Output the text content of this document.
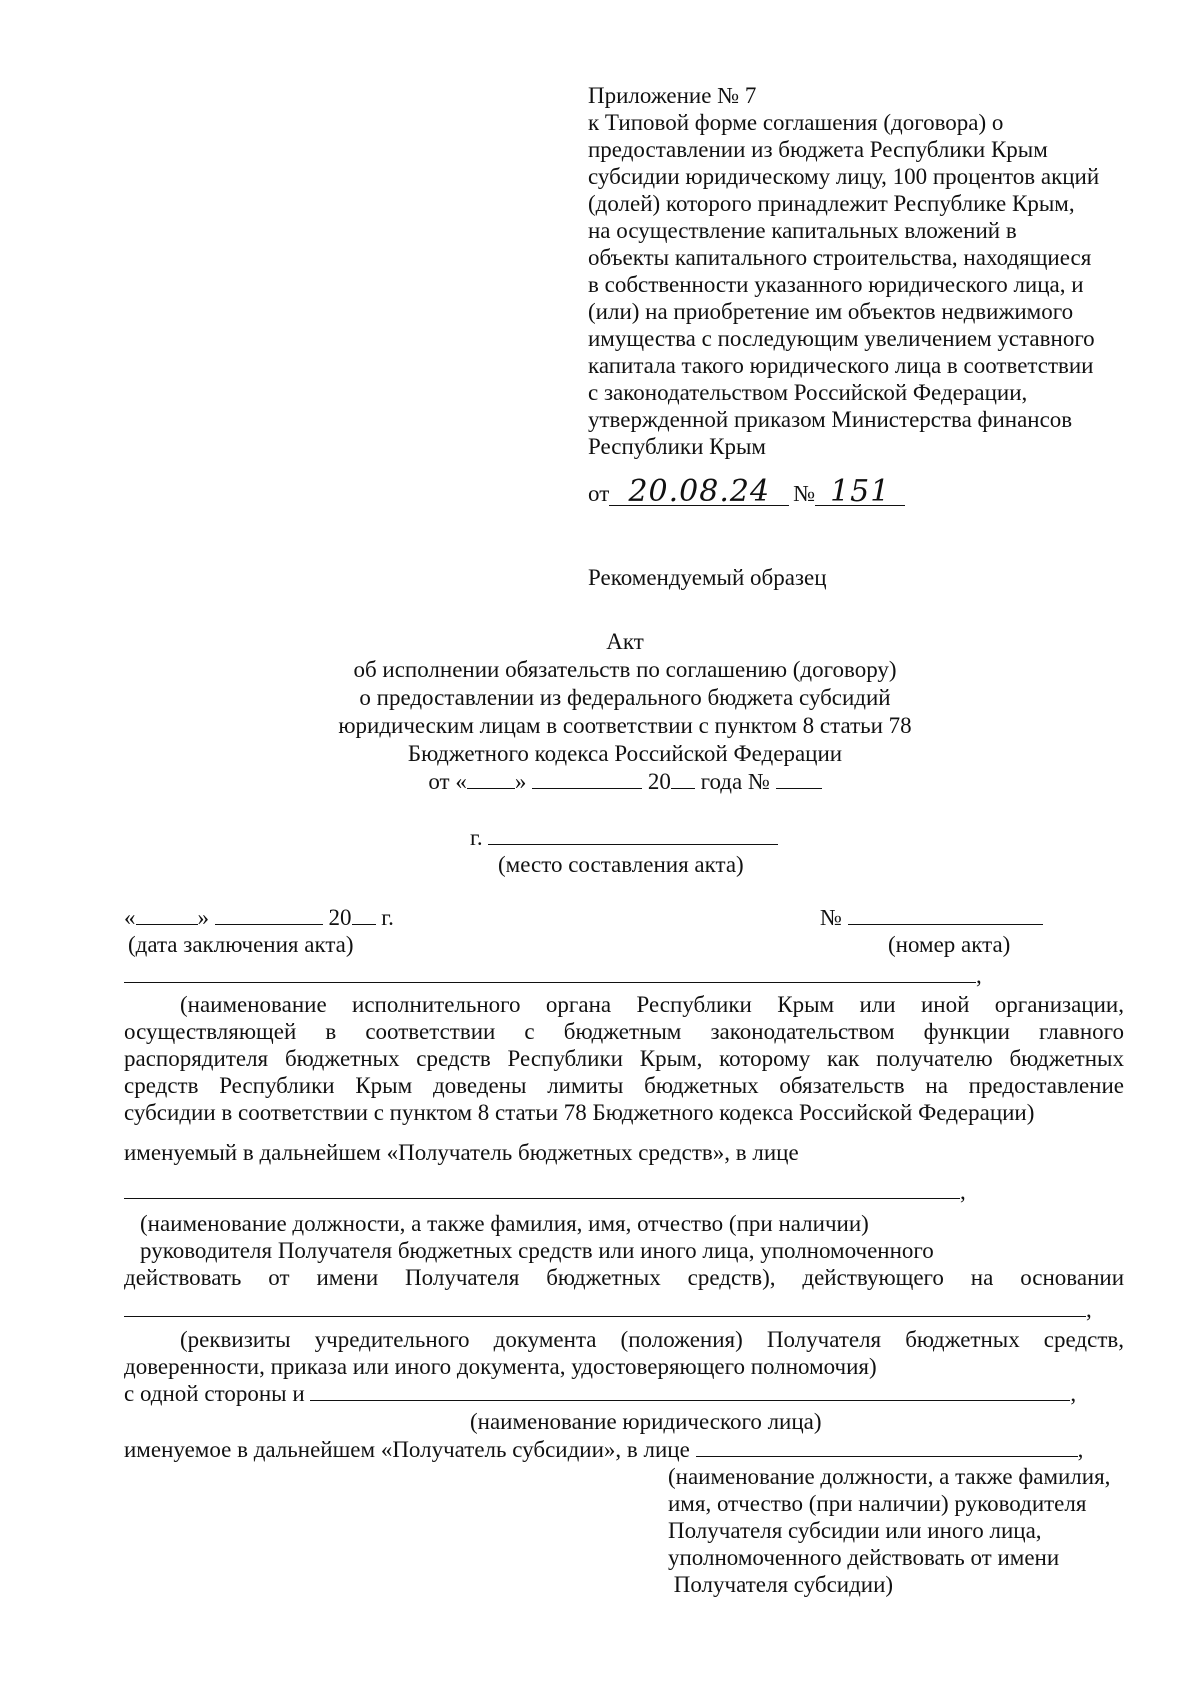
Приложение № 7
к Типовой форме соглашения (договора) о
предоставлении из бюджета Республики Крым
субсидии юридическому лицу, 100 процентов акций
(долей) которого принадлежит Республике Крым,
на осуществление капитальных вложений в
объекты капитального строительства, находящиеся
в собственности указанного юридического лица, и
(или) на приобретение им объектов недвижимого
имущества с последующим увеличением уставного
капитала такого юридического лица в соответствии
с законодательством Российской Федерации,
утвержденной приказом Министерства финансов
Республики Крым
от 20.08.24 № 151
Рекомендуемый образец
Акт
об исполнении обязательств по соглашению (договору)
о предоставлении из федерального бюджета субсидий
юридическим лицам в соответствии с пунктом 8 статьи 78
Бюджетного кодекса Российской Федерации
от « »	20 года №
г.
(место составления акта)
«	»	20 г.	№
(дата заключения акта)	(номер акта)
,
(наименование исполнительного органа Республики Крым или иной организации,
осуществляющей в соответствии с бюджетным законодательством функции главного
распорядителя бюджетных средств Республики Крым, которому как получателю бюджетных
средств Республики Крым доведены лимиты бюджетных обязательств на предоставление
субсидии в соответствии с пунктом 8 статьи 78 Бюджетного кодекса Российской Федерации)
именуемый в дальнейшем «Получатель бюджетных средств», в лице
,
(наименование должности, а также фамилия, имя, отчество (при наличии)
руководителя Получателя бюджетных средств или иного лица, уполномоченного
действовать от имени Получателя бюджетных средств), действующего на основании
,
(реквизиты учредительного документа (положения) Получателя бюджетных средств,
доверенности, приказа или иного документа, удостоверяющего полномочия)
с одной стороны и	,
(наименование юридического лица)
именуемое в дальнейшем «Получатель субсидии», в лице	,
(наименование должности, а также фамилия,
имя, отчество (при наличии) руководителя
Получателя субсидии или иного лица,
уполномоченного действовать от имени
Получателя субсидии)
